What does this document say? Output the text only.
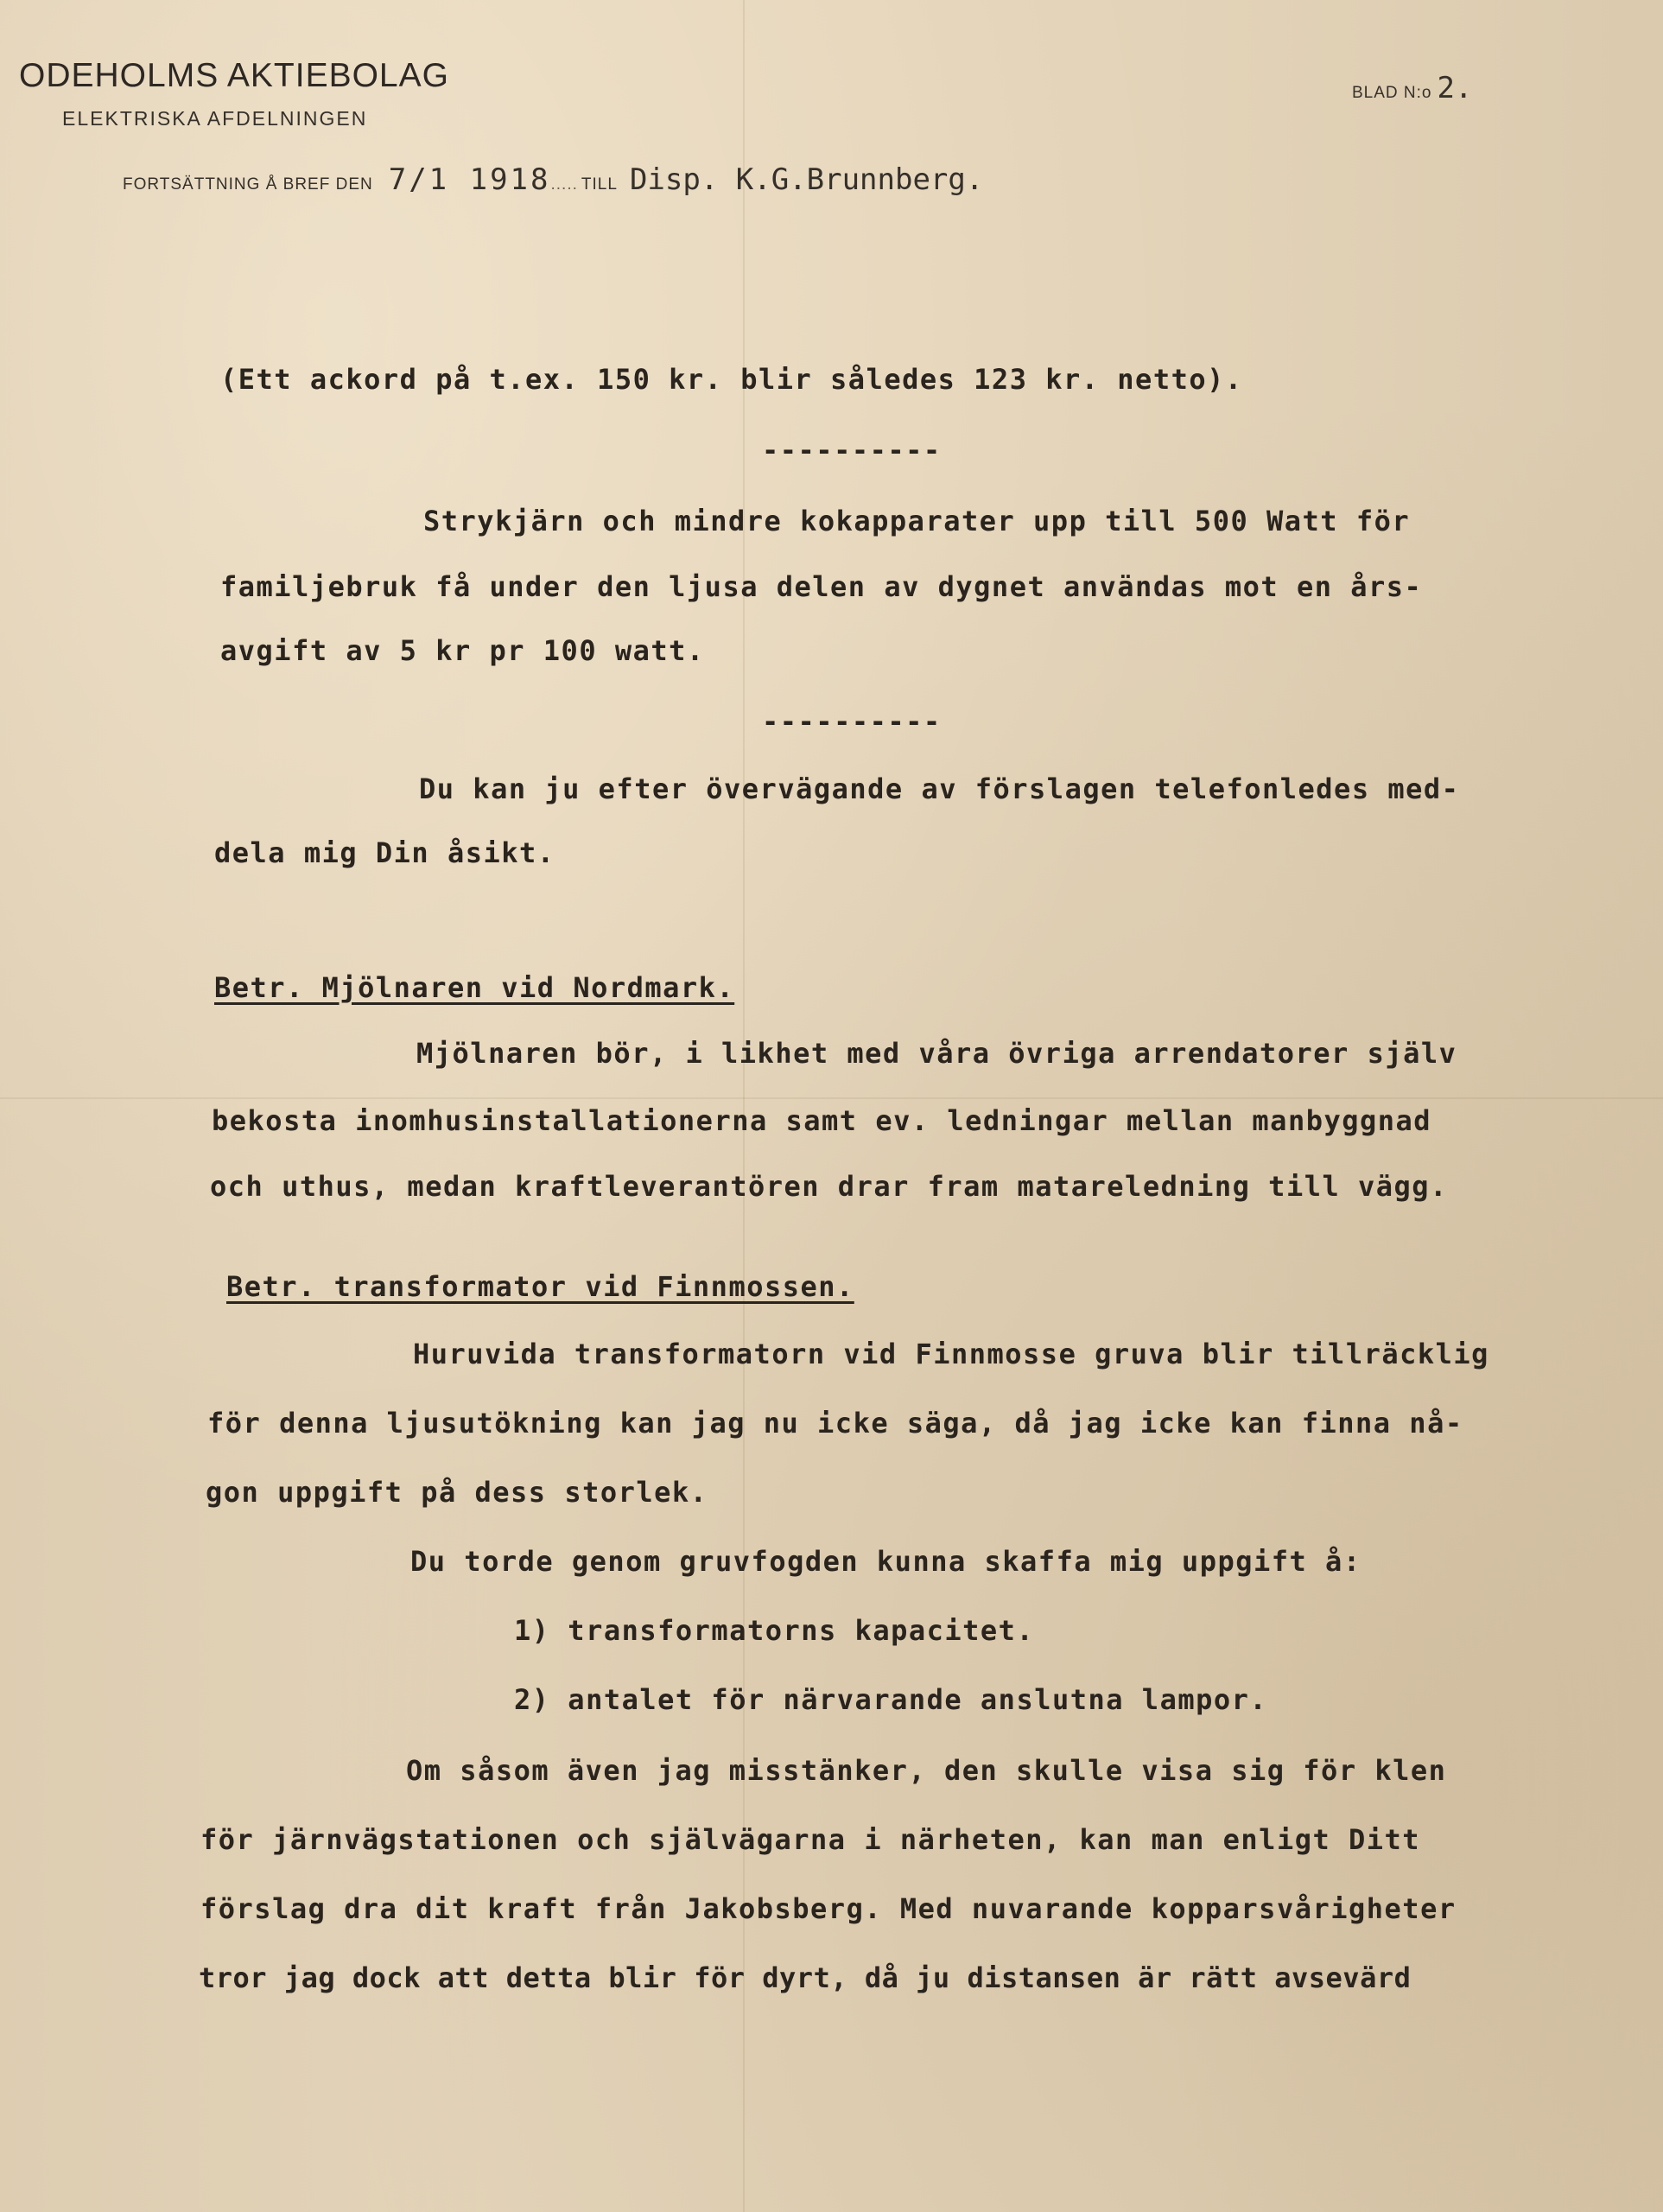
ODEHOLMS AKTIEBOLAG
ELEKTRISKA AFDELNINGEN
BLAD N:o 2.
FORTSÄTTNING Å BREF DEN 7/1 1918..... TILL Disp. K.G.Brunnberg.
(Ett ackord på t.ex. 150 kr. blir således 123 kr. netto).
----------
Strykjärn och mindre kokapparater upp till 500 Watt för
familjebruk få under den ljusa delen av dygnet användas mot en års-
avgift av 5 kr pr 100 watt.
----------
Du kan ju efter övervägande av förslagen telefonledes med-
dela mig Din åsikt.
Betr. Mjölnaren vid Nordmark.
Mjölnaren bör, i likhet med våra övriga arrendatorer själv
bekosta inomhusinstallationerna samt ev. ledningar mellan manbyggnad
och uthus, medan kraftleverantören drar fram matareledning till vägg.
Betr. transformator vid Finnmossen.
Huruvida transformatorn vid Finnmosse gruva blir tillräcklig
för denna ljusutökning kan jag nu icke säga, då jag icke kan finna nå-
gon uppgift på dess storlek.
Du torde genom gruvfogden kunna skaffa mig uppgift å:
1) transformatorns kapacitet.
2) antalet för närvarande anslutna lampor.
Om såsom även jag misstänker, den skulle visa sig för klen
för järnvägstationen och självägarna i närheten, kan man enligt Ditt
förslag dra dit kraft från Jakobsberg. Med nuvarande kopparsvårigheter
tror jag dock att detta blir för dyrt, då ju distansen är rätt avsevärd
